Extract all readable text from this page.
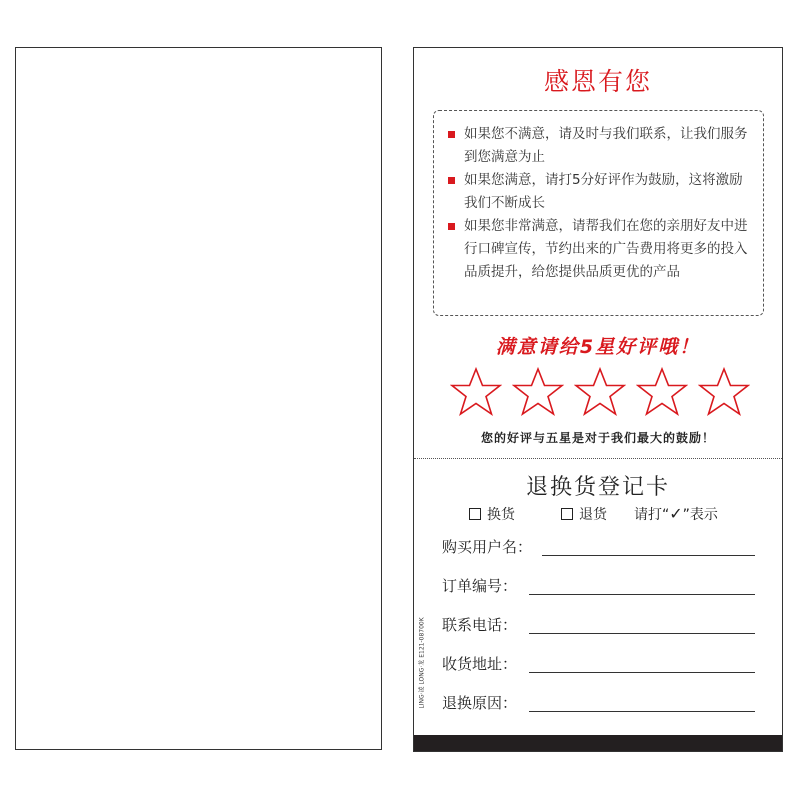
感恩有您
如果您不满意，请及时与我们联系，让我们服务到您满意为止
如果您满意，请打5分好评作为鼓励，这将激励我们不断成长
如果您非常满意，请帮我们在您的亲朋好友中进行口碑宣传，节约出来的广告费用将更多的投入品质提升，给您提供品质更优的产品
满意请给5星好评哦！
您的好评与五星是对于我们最大的鼓励！
退换货登记卡
换货	退货 请打“✓”表示
购买用户名：
订单编号：
联系电话：
收货地址：
退换原因：
LING·凌 LONG·龙 E121-08700K
